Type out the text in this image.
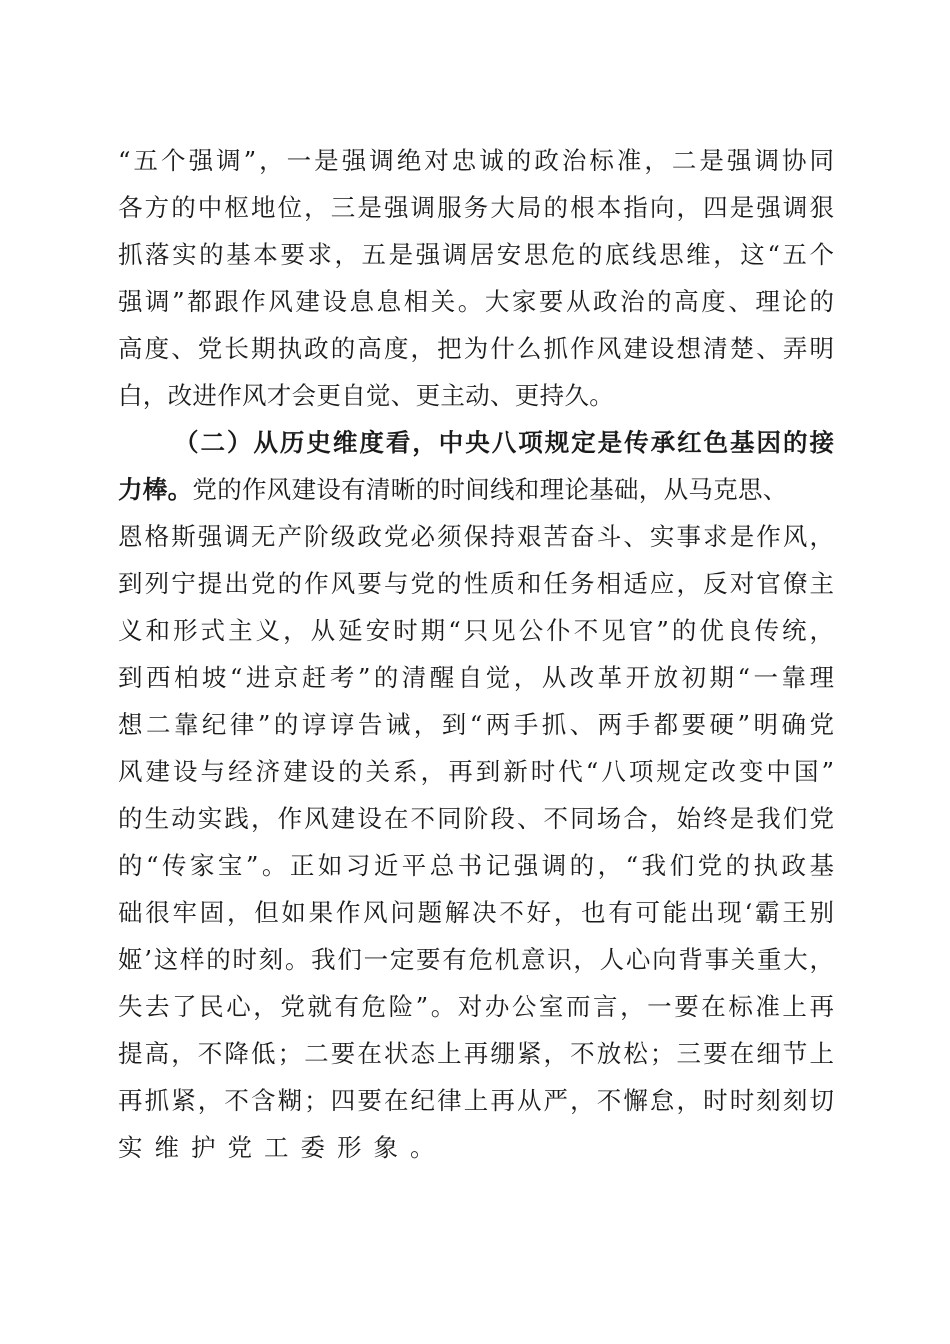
“五个强调”，一是强调绝对忠诚的政治标准，二是强调协同
各方的中枢地位，三是强调服务大局的根本指向，四是强调狠
抓落实的基本要求，五是强调居安思危的底线思维，这“五个
强调”都跟作风建设息息相关。大家要从政治的高度、理论的
高度、党长期执政的高度，把为什么抓作风建设想清楚、弄明
白，改进作风才会更自觉、更主动、更持久。
（二）从历史维度看，中央八项规定是传承红色基因的接
力棒。党的作风建设有清晰的时间线和理论基础，从马克思、
恩格斯强调无产阶级政党必须保持艰苦奋斗、实事求是作风，
到列宁提出党的作风要与党的性质和任务相适应，反对官僚主
义和形式主义，从延安时期“只见公仆不见官”的优良传统，
到西柏坡“进京赶考”的清醒自觉，从改革开放初期“一靠理
想二靠纪律”的谆谆告诫，到“两手抓、两手都要硬”明确党
风建设与经济建设的关系，再到新时代“八项规定改变中国”
的生动实践，作风建设在不同阶段、不同场合，始终是我们党
的“传家宝”。正如习近平总书记强调的，“我们党的执政基
础很牢固，但如果作风问题解决不好，也有可能出现‘霸王别
姬’这样的时刻。我们一定要有危机意识，人心向背事关重大，
失去了民心，党就有危险”。对办公室而言，一要在标准上再
提高，不降低；二要在状态上再绷紧，不放松；三要在细节上
再抓紧，不含糊；四要在纪律上再从严，不懈怠，时时刻刻切
实维护党工委形象。
